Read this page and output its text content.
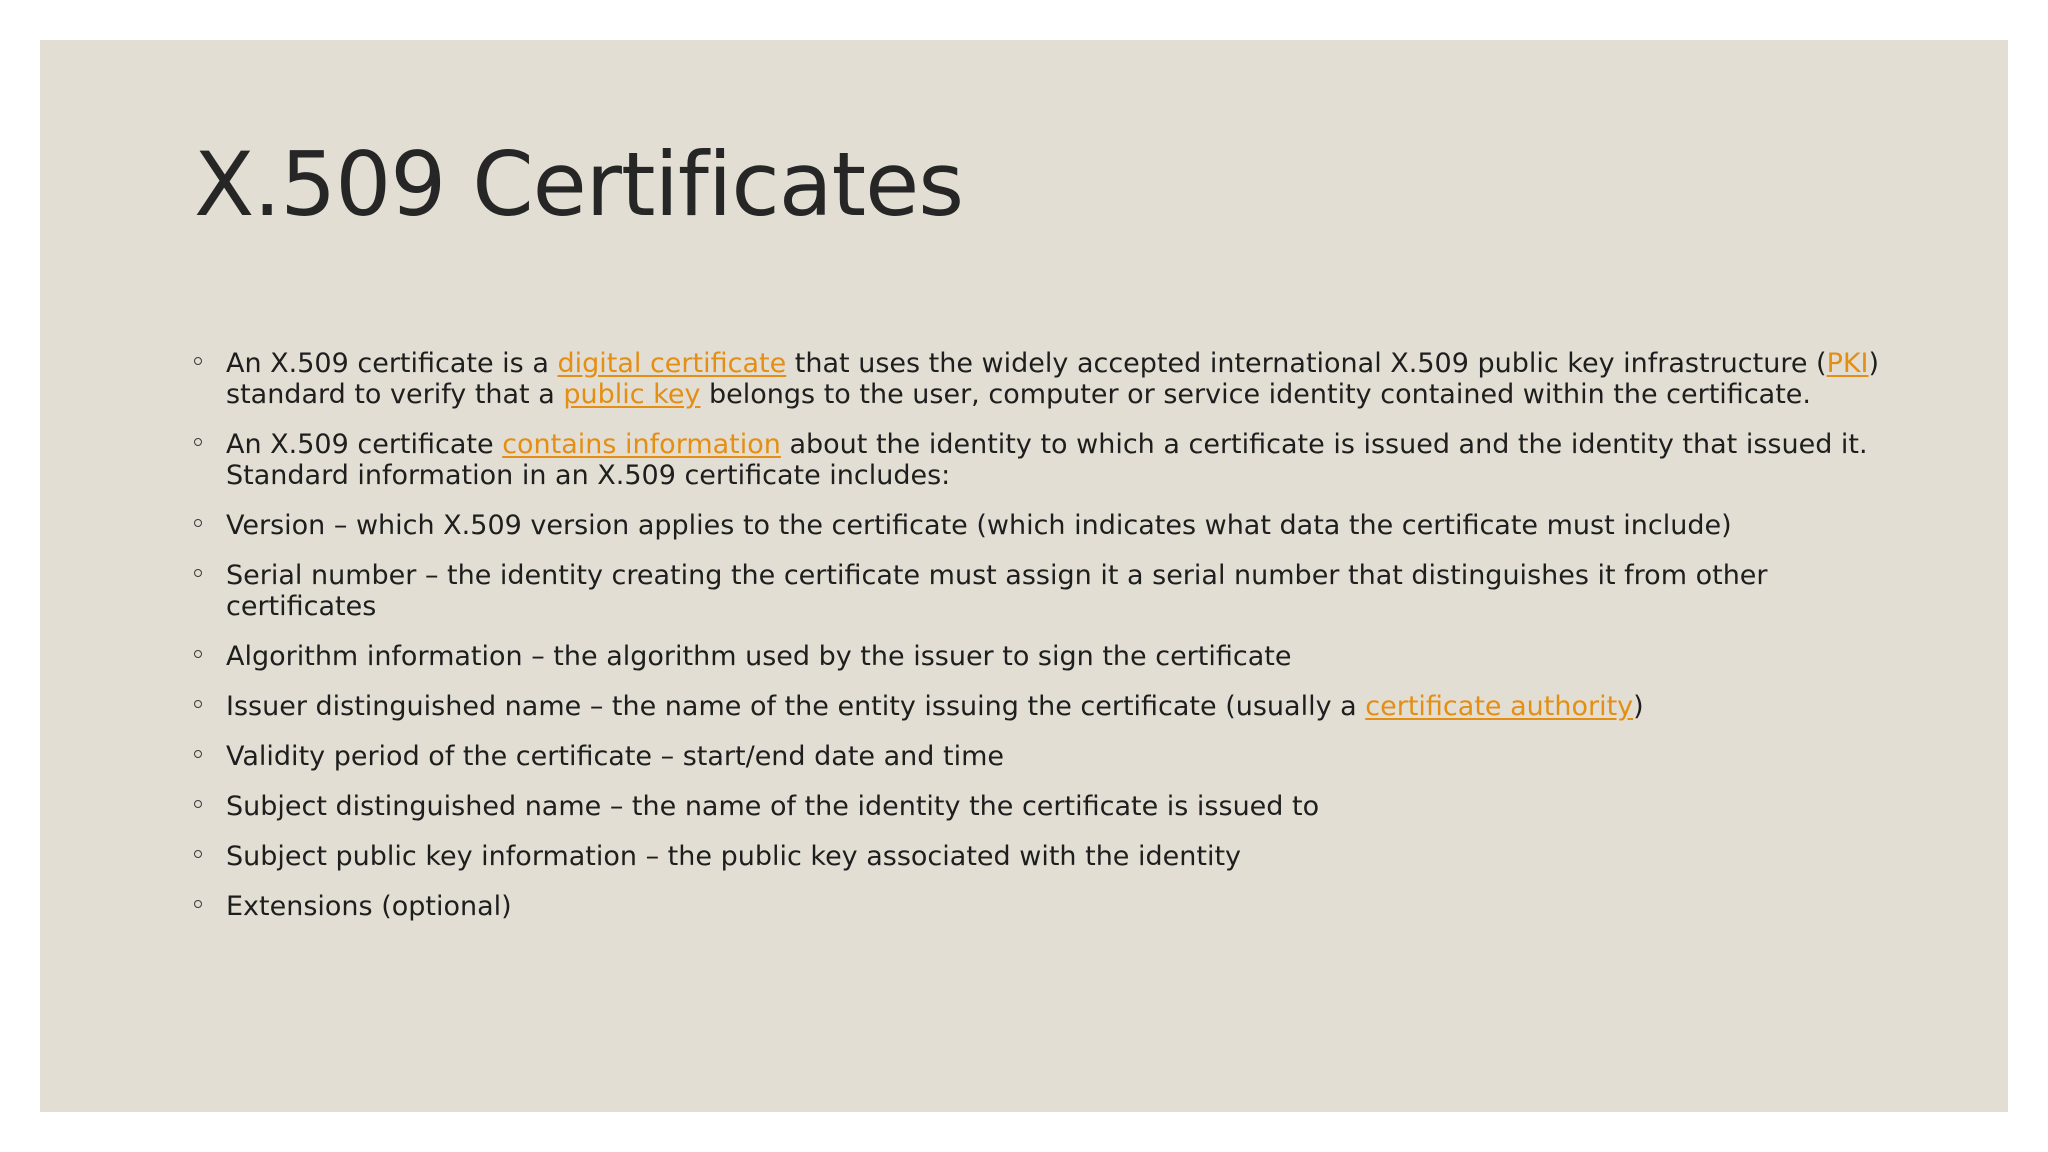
X.509 Certificates
An X.509 certificate is a digital certificate that uses the widely accepted international X.509 public key infrastructure (PKI) standard to verify that a public key belongs to the user, computer or service identity contained within the certificate.
An X.509 certificate contains information about the identity to which a certificate is issued and the identity that issued it. Standard information in an X.509 certificate includes:
Version – which X.509 version applies to the certificate (which indicates what data the certificate must include)
Serial number – the identity creating the certificate must assign it a serial number that distinguishes it from other certificates
Algorithm information – the algorithm used by the issuer to sign the certificate
Issuer distinguished name – the name of the entity issuing the certificate (usually a certificate authority)
Validity period of the certificate – start/end date and time
Subject distinguished name – the name of the identity the certificate is issued to
Subject public key information – the public key associated with the identity
Extensions (optional)
